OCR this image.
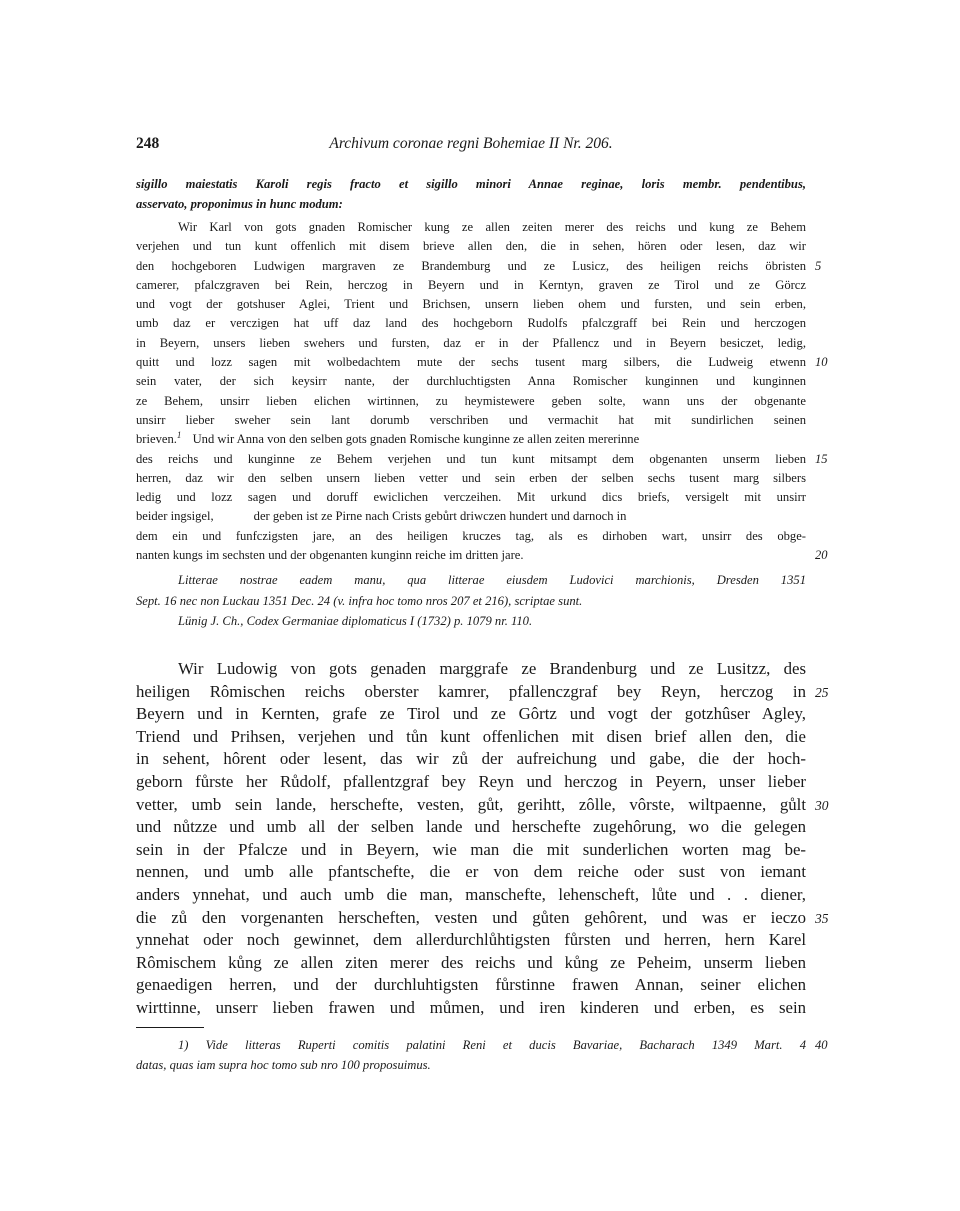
248	Archivum coronae regni Bohemiae II Nr. 206.
sigillo maiestatis Karoli regis fracto et sigillo minori Annae reginae, loris membr. pendentibus,
asservato, proponimus in hunc modum:
Wir Karl von gots gnaden Romischer kung ze allen zeiten merer des reichs und kung ze Behem
verjehen und tun kunt offenlich mit disem brieve allen den, die in sehen, hören oder lesen, daz wir
den hochgeboren Ludwigen margraven ze Brandemburg und ze Lusicz, des heiligen reichs öbristen 5
camerer, pfalczgraven bei Rein, herczog in Beyern und in Kerntyn, graven ze Tirol und ze Görcz
und vogt der gotshuser Aglei, Trient und Brichsen, unsern lieben ohem und fursten, und sein erben,
umb daz er verczigen hat uff daz land des hochgeborn Rudolfs pfalczgraff bei Rein und herczogen
in Beyern, unsers lieben swehers und fursten, daz er in der Pfallencz und in Beyern besiczet, ledig,
quitt und lozz sagen mit wolbedachtem mute der sechs tusent marg silbers, die Ludweig etwenn 10
sein vater, der sich keysirr nante, der durchluchtigsten Anna Romischer kunginnen und kunginnen
ze Behem, unsirr lieben elichen wirtinnen, zu heymistewere geben solte, wann uns der obgenante
unsirr lieber sweher sein lant dorumb verschriben und vermachit hat mit sundirlichen seinen
brieven.$^1$ Und wir Anna von den selben gots gnaden Romische kunginne ze allen zeiten mererinne
des reichs und kunginne ze Behem verjehen und tun kunt mitsampt dem obgenanten unserm lieben 15
herren, daz wir den selben unsern lieben vetter und sein erben der selben sechs tusent marg silbers
ledig und lozz sagen und doruff ewiclichen verczeihen. Mit urkund dics briefs, versigelt mit unsirr
beider ingsigel,	der geben ist ze Pirne nach Crists gebůrt driwczen hundert und darnoch in
dem ein und funfczigsten jare, an des heiligen kruczes tag, als es dirhoben wart, unsirr des obge-
nanten kungs im sechsten und der obgenanten kunginn reiche im dritten jare.	20
Litterae nostrae eadem manu, qua litterae eiusdem Ludovici marchionis, Dresden 1351
Sept. 16 nec non Luckau 1351 Dec. 24 (v. infra hoc tomo nros 207 et 216), scriptae sunt.
Lünig J. Ch., Codex Germaniae diplomaticus I (1732) p. 1079 nr. 110.
Wir Ludowig von gots genaden marggrafe ze Brandenburg und ze Lusitzz, des
heiligen Rômischen reichs oberster kamrer, pfallenczgraf bey Reyn, herczog in 25
Beyern und in Kernten, grafe ze Tirol und ze Gôrtz und vogt der gotzhûser Agley,
Triend und Prihsen, verjehen und tůn kunt offenlichen mit disen brief allen den, die
in sehent, hôrent oder lesent, das wir zů der aufreichung und gabe, die der hoch-
geborn fůrste her Růdolf, pfallentzgraf bey Reyn und herczog in Peyern, unser lieber
vetter, umb sein lande, herschefte, vesten, gůt, gerihtt, zôlle, vôrste, wiltpaenne, gůlt 30
und nůtzze und umb all der selben lande und herschefte zugehôrung, wo die gelegen
sein in der Pfalcze und in Beyern, wie man die mit sunderlichen worten mag be-
nennen, und umb alle pfantschefte, die er von dem reiche oder sust von iemant
anders ynnehat, und auch umb die man, manschefte, lehenscheft, lůte und . . diener,
die zů den vorgenanten herscheften, vesten und gůten gehôrent, und was er ieczo 35
ynnehat oder noch gewinnet, dem allerdurchlůhtigsten fůrsten und herren, hern Karel
Rômischem kůng ze allen ziten merer des reichs und kůng ze Peheim, unserm lieben
genaedigen herren, und der durchluhtigsten fůrstinne frawen Annan, seiner elichen
wirttinne, unserr lieben frawen und můmen, und iren kinderen und erben, es sein
1) Vide litteras Ruperti comitis palatini Reni et ducis Bavariae, Bacharach 1349 Mart. 4 40
datas, quas iam supra hoc tomo sub nro 100 proposuimus.
